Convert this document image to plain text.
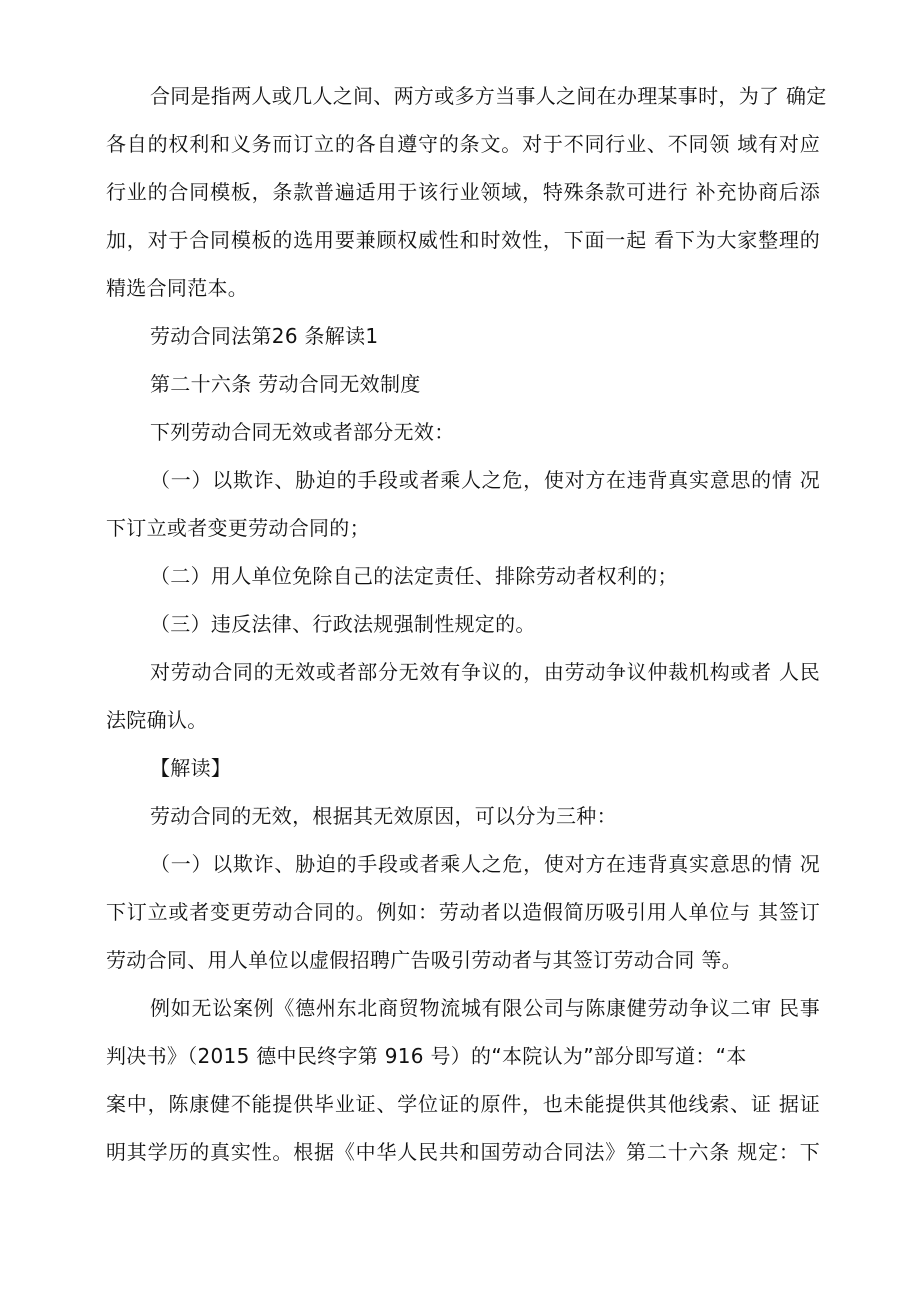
合同是指两人或几人之间、两方或多方当事人之间在办理某事时，为了 确定
各自的权利和义务而订立的各自遵守的条文。对于不同行业、不同领 域有对应
行业的合同模板，条款普遍适用于该行业领域，特殊条款可进行 补充协商后添
加，对于合同模板的选用要兼顾权威性和时效性，下面一起 看下为大家整理的
精选合同范本。
劳动合同法第26 条解读1
第二十六条 劳动合同无效制度
下列劳动合同无效或者部分无效：
（一）以欺诈、胁迫的手段或者乘人之危，使对方在违背真实意思的情 况
下订立或者变更劳动合同的；
（二）用人单位免除自己的法定责任、排除劳动者权利的；
（三）违反法律、行政法规强制性规定的。
对劳动合同的无效或者部分无效有争议的，由劳动争议仲裁机构或者 人民
法院确认。
【解读】
劳动合同的无效，根据其无效原因，可以分为三种：
（一）以欺诈、胁迫的手段或者乘人之危，使对方在违背真实意思的情 况
下订立或者变更劳动合同的。例如：劳动者以造假简历吸引用人单位与 其签订
劳动合同、用人单位以虚假招聘广告吸引劳动者与其签订劳动合同 等。
例如无讼案例《德州东北商贸物流城有限公司与陈康健劳动争议二审 民事
判决书》（2015 德中民终字第 916 号）的“本院认为”部分即写道：“本
案中，陈康健不能提供毕业证、学位证的原件，也未能提供其他线索、证 据证
明其学历的真实性。根据《中华人民共和国劳动合同法》第二十六条 规定：下
